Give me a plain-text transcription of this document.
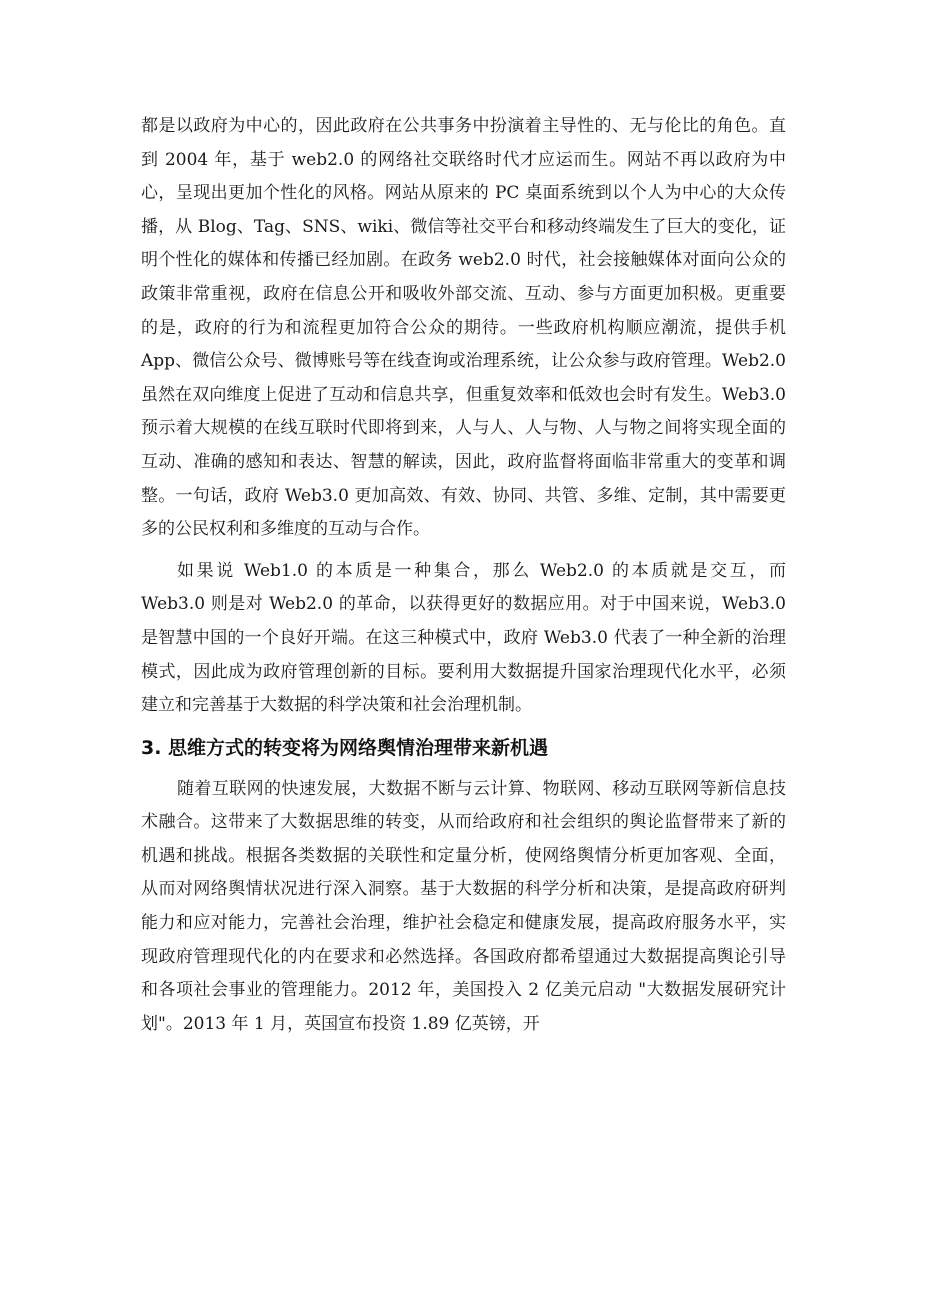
都是以政府为中心的，因此政府在公共事务中扮演着主导性的、无与伦比的角色。直到 2004 年，基于 web2.0 的网络社交联络时代才应运而生。网站不再以政府为中心，呈现出更加个性化的风格。网站从原来的 PC 桌面系统到以个人为中心的大众传播，从 Blog、Tag、SNS、wiki、微信等社交平台和移动终端发生了巨大的变化，证明个性化的媒体和传播已经加剧。在政务 web2.0 时代，社会接触媒体对面向公众的政策非常重视，政府在信息公开和吸收外部交流、互动、参与方面更加积极。更重要的是，政府的行为和流程更加符合公众的期待。一些政府机构顺应潮流，提供手机 App、微信公众号、微博账号等在线查询或治理系统，让公众参与政府管理。Web2.0 虽然在双向维度上促进了互动和信息共享，但重复效率和低效也会时有发生。Web3.0 预示着大规模的在线互联时代即将到来，人与人、人与物、人与物之间将实现全面的互动、准确的感知和表达、智慧的解读，因此，政府监督将面临非常重大的变革和调整。一句话，政府 Web3.0 更加高效、有效、协同、共管、多维、定制，其中需要更多的公民权利和多维度的互动与合作。

如果说 Web1.0 的本质是一种集合，那么 Web2.0 的本质就是交互，而 Web3.0 则是对 Web2.0 的革命，以获得更好的数据应用。对于中国来说，Web3.0 是智慧中国的一个良好开端。在这三种模式中，政府 Web3.0 代表了一种全新的治理模式，因此成为政府管理创新的目标。要利用大数据提升国家治理现代化水平，必须建立和完善基于大数据的科学决策和社会治理机制。

3. 思维方式的转变将为网络舆情治理带来新机遇

随着互联网的快速发展，大数据不断与云计算、物联网、移动互联网等新信息技术融合。这带来了大数据思维的转变，从而给政府和社会组织的舆论监督带来了新的机遇和挑战。根据各类数据的关联性和定量分析，使网络舆情分析更加客观、全面，从而对网络舆情状况进行深入洞察。基于大数据的科学分析和决策，是提高政府研判能力和应对能力，完善社会治理，维护社会稳定和健康发展，提高政府服务水平，实现政府管理现代化的内在要求和必然选择。各国政府都希望通过大数据提高舆论引导和各项社会事业的管理能力。2012 年，美国投入 2 亿美元启动 "大数据发展研究计划"。2013 年 1 月，英国宣布投资 1.89 亿英镑，开
